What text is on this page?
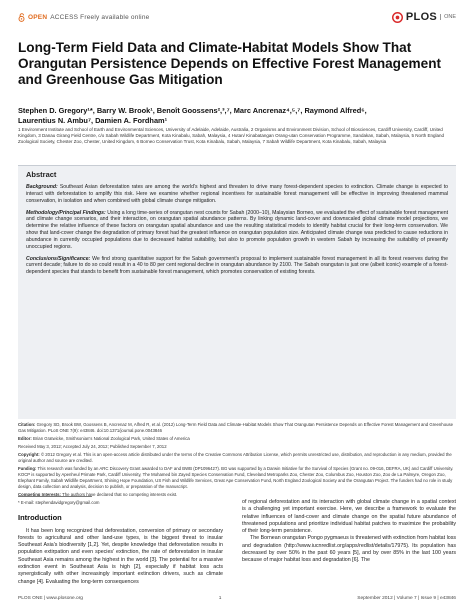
OPEN ACCESS Freely available online	PLOS	ONE
Long-Term Field Data and Climate-Habitat Models Show That Orangutan Persistence Depends on Effective Forest Management and Greenhouse Gas Mitigation
Stephen D. Gregory¹*, Barry W. Brook¹, Benoît Goossens²,³,⁷, Marc Ancrenaz⁴,⁵,⁷, Raymond Alfred⁶,
Laurentius N. Ambu⁷, Damien A. Fordham¹
1 Environment Institute and School of Earth and Environmental Sciences, University of Adelaide, Adelaide, Australia, 2 Organisms and Environment Division, School of Biosciences, Cardiff University, Cardiff, United Kingdom, 3 Danau Girang Field Centre, c/o Sabah Wildlife Department, Kota Kinabalu, Sabah, Malaysia, 4 Hutan/ Kinabatangan Orang-utan Conservation Programme, Sandakan, Sabah, Malaysia, 5 North England Zoological Society, Chester Zoo, Chester, United Kingdom, 6 Borneo Conservation Trust, Kota Kinabalu, Sabah, Malaysia, 7 Sabah Wildlife Department, Kota Kinabalu, Sabah, Malaysia
Abstract

Background: Southeast Asian deforestation rates are among the world's highest and threaten to drive many forest-dependent species to extinction. Climate change is expected to interact with deforestation to amplify this risk. Here we examine whether regional incentives for sustainable forest management will be effective in improving threatened mammal conservation, in isolation and when combined with global climate change mitigation.

Methodology/Principal Findings: Using a long time-series of orangutan nest counts for Sabah (2000–10), Malaysian Borneo, we evaluated the effect of sustainable forest management and climate change scenarios, and their interaction, on orangutan spatial abundance patterns. By linking dynamic land-cover and downscaled global climate model projections, we determine the relative influence of these factors on orangutan spatial abundance and use the resulting statistical models to identify habitat crucial for their long-term conservation. We show that land-cover change the degradation of primary forest had the greatest influence on orangutan population size. Anticipated climate change was predicted to cause reductions in abundance in currently occupied populations due to decreased habitat suitability, but also to promote population growth in western Sabah by increasing the suitability of presently unoccupied regions.

Conclusions/Significance: We find strong quantitative support for the Sabah government's proposal to implement sustainable forest management in all its forest reserves during the current decade; failure to do so could result in a 40 to 80 per cent regional decline in orangutan abundance by 2100. The Sabah orangutan is just one (albeit iconic) example of a forest-dependent species that stands to benefit from sustainable forest management, which promotes conservation of existing forests.

Citation: Gregory SD, Brook BW, Goossens B, Ancrenaz M, Alfred R, et al. (2012) Long-Term Field Data and Climate-Habitat Models Show That Orangutan Persistence Depends on Effective Forest Management and Greenhouse Gas Mitigation. PLoS ONE 7(9): e43846. doi:10.1371/journal.pone.0043846

Editor: Brian Gratwicke, Smithsonian's National Zoological Park, United States of America

Received May 3, 2012; Accepted July 24, 2012; Published September 7, 2012

Copyright: © 2012 Gregory et al. This is an open-access article distributed under the terms of the Creative Commons Attribution License, which permits unrestricted use, distribution, and reproduction in any medium, provided the original author and source are credited.

Funding: This research was funded by an ARC Discovery Grant awarded to DAF and BWB (DP1096427). BG was supported by a Darwin Initiative for the Survival of Species (Grant no. 09-016, DEFRA, UK) and Cardiff University. KOCP is supported by Apenheul Primate Park, Cardiff University, The Mohamed bin Zayed Species Conservation Fund, Cleveland Metroparks Zoo, Chester Zoo, Columbus Zoo, Houston Zoo, Zoo de La Palmyre, Oregon Zoo, Elephant Family, Sabah Wildlife Department, Shining Hope Foundation, US Fish and Wildlife Services, Great Ape Conservation Fund, North England Zoological Society and the Orangutan Project. The funders had no role in study design, data collection and analysis, decision to publish, or preparation of the manuscript.

Competing Interests: The authors have declared that no competing interests exist.

* E-mail: stephendavidgregory@gmail.com
Introduction

It has been long recognized that deforestation, conversion of primary or secondary forests to agricultural and other land-use types, is the biggest threat to insular Southeast Asia's biodiversity [1,2]. Yet, despite knowledge that deforestation results in population extirpation and even species' extinction, the rate of deforestation in insular Southeast Asia remains among the highest in the world [3]. The potential for a massive extinction event in Southeast Asia is high [2], especially if habitat loss acts synergistically with other increasingly important extinction drivers, such as climate change [4]. Evaluating the long-term consequences

of regional deforestation and its interaction with global climate change in a spatial context is a challenging yet important exercise. Here, we describe a framework to evaluate the relative influences of land-cover and climate change on the spatial future abundance of threatened populations and prioritize individual habitat patches to maximize the probability of their long-term persistence.

The Bornean orangutan Pongo pygmaeus is threatened with extinction from habitat loss and degradation (http://www.iucnredlist.org/apps/redlist/details/17975). Its population has decreased by over 50% in the past 60 years [5], and by over 85% in the last 100 years because of major habitat loss and degradation [6]. The

PLOS ONE | www.plosone.org	1	September 2012 | Volume 7 | Issue 9 | e43846
